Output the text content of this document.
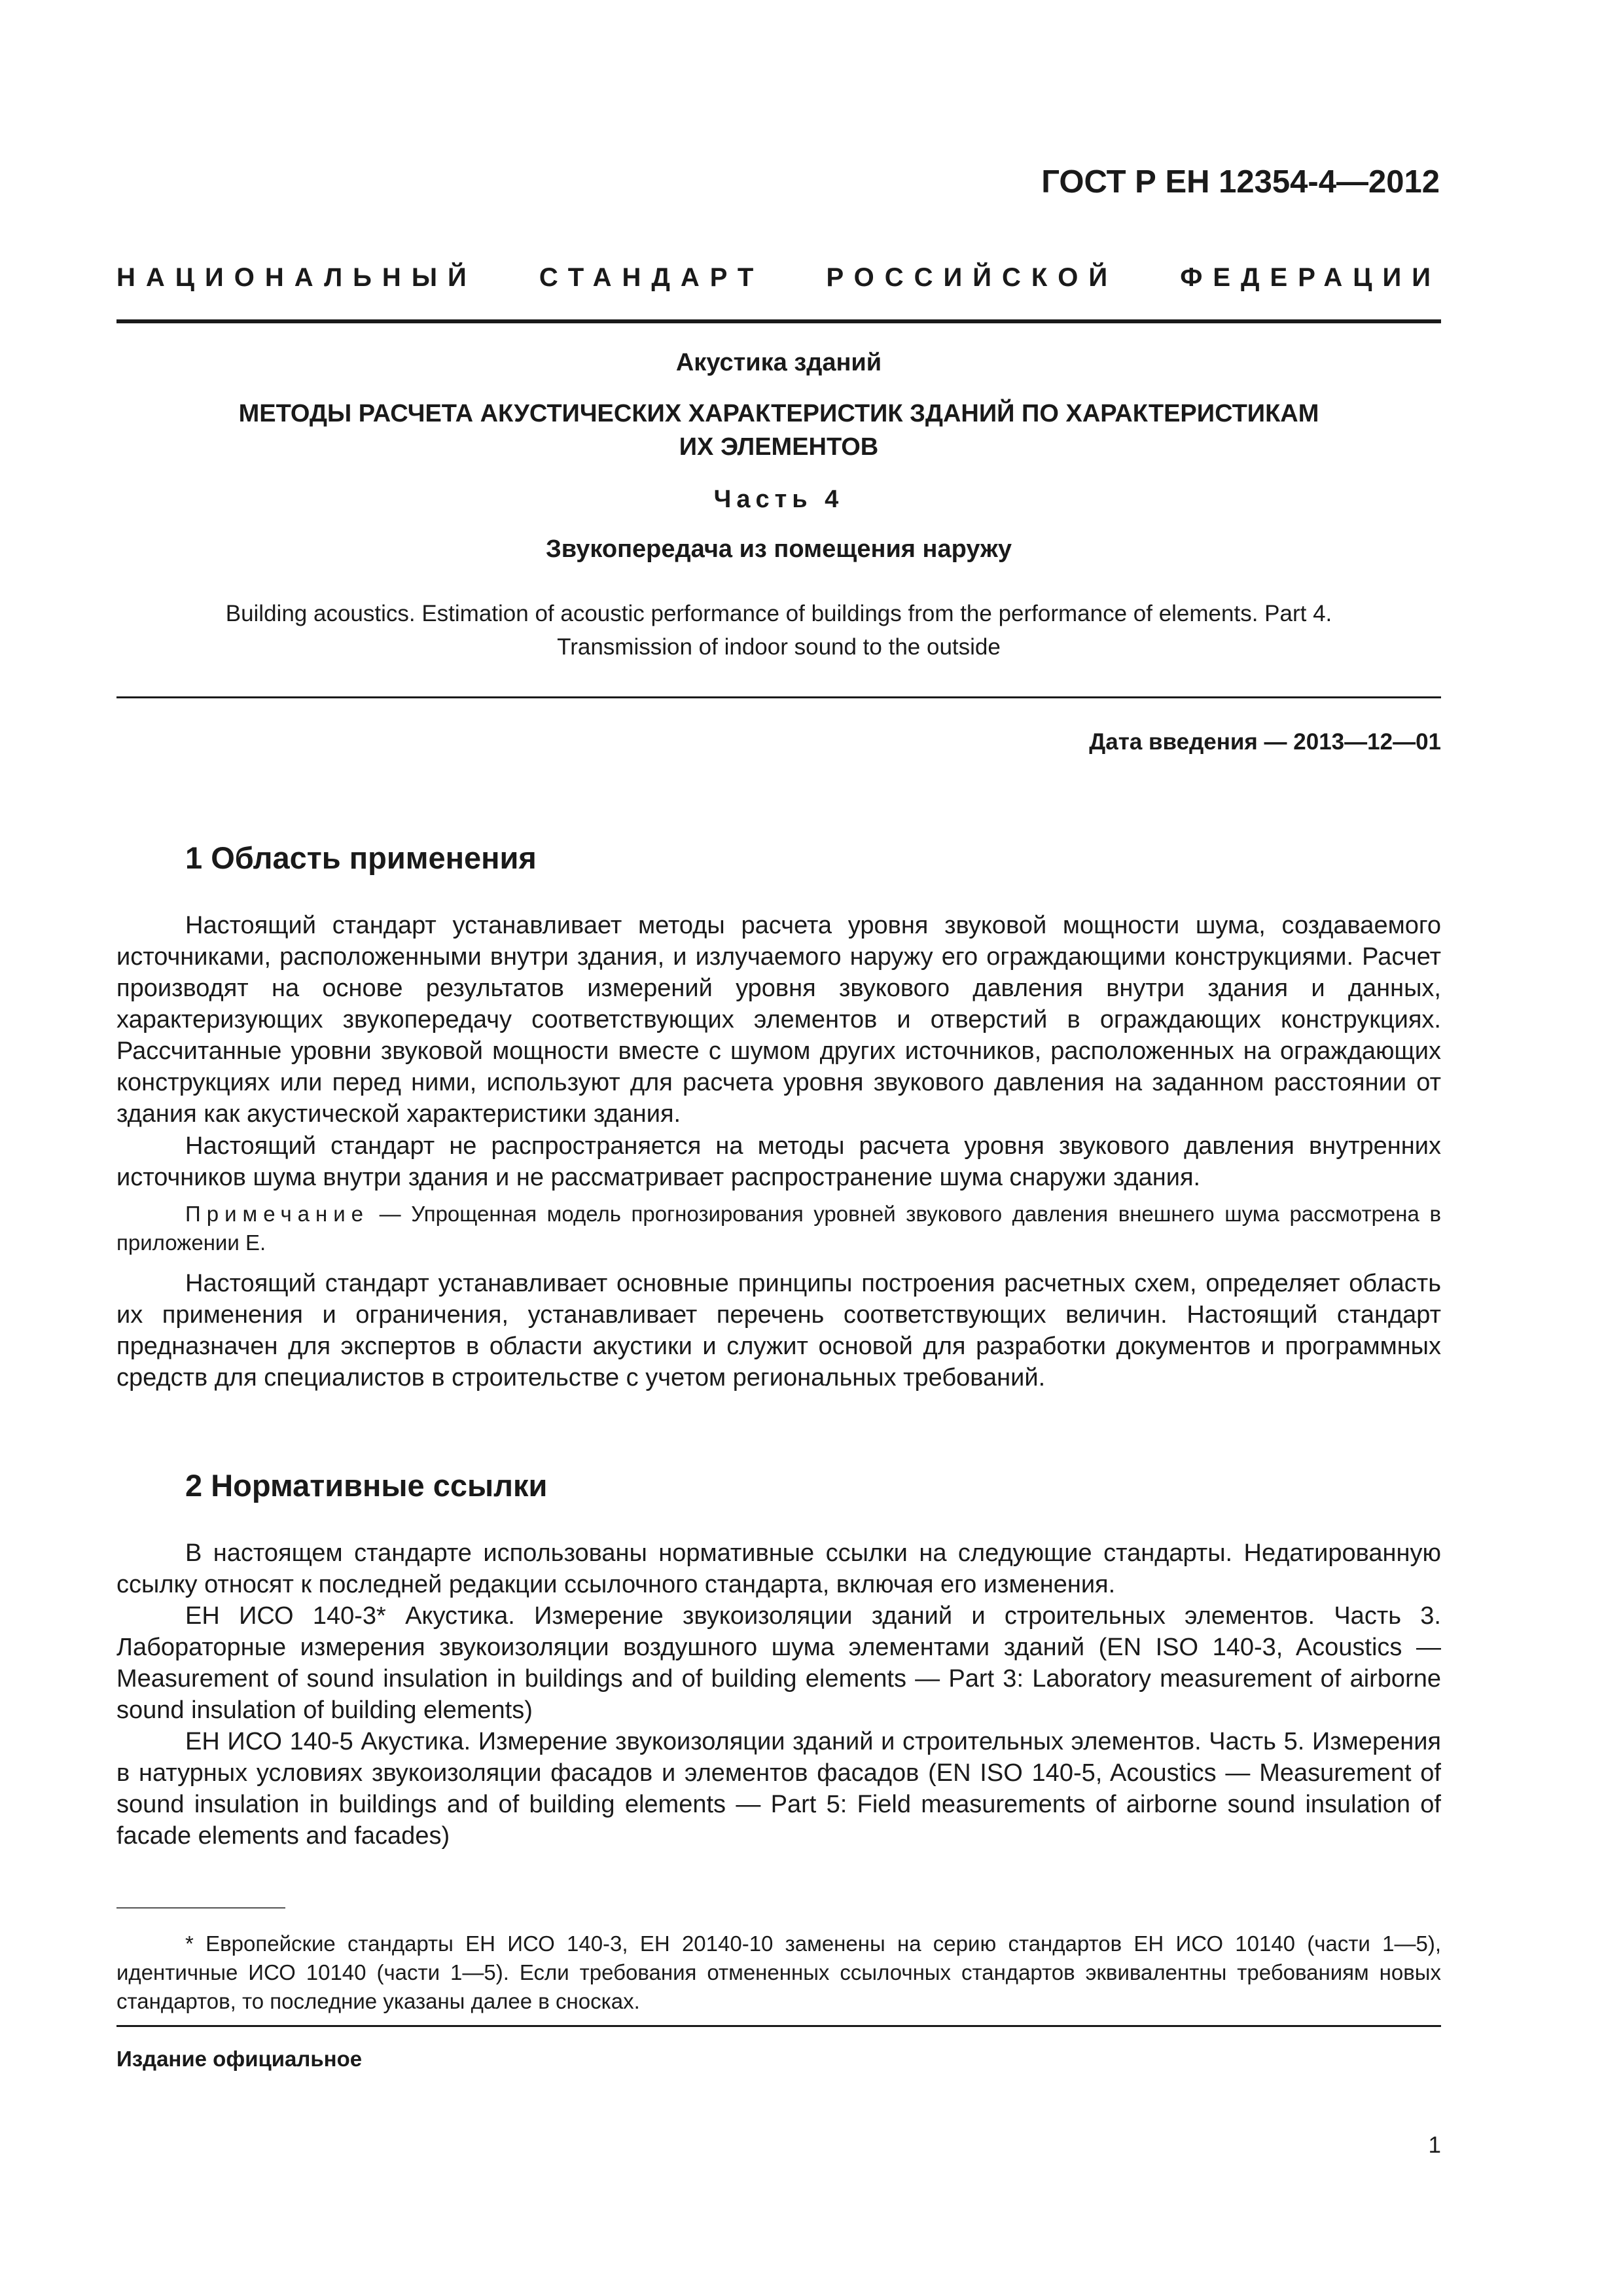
ГОСТ Р ЕН 12354-4—2012
НАЦИОНАЛЬНЫЙ СТАНДАРТ РОССИЙСКОЙ ФЕДЕРАЦИИ
Акустика зданий
МЕТОДЫ РАСЧЕТА АКУСТИЧЕСКИХ ХАРАКТЕРИСТИК ЗДАНИЙ ПО ХАРАКТЕРИСТИКАМ
ИХ ЭЛЕМЕНТОВ
Часть 4
Звукопередача из помещения наружу
Building acoustics. Estimation of acoustic performance of buildings from the performance of elements. Part 4.
Transmission of indoor sound to the outside
Дата введения — 2013—12—01
1 Область применения
Настоящий стандарт устанавливает методы расчета уровня звуковой мощности шума, создаваемого источниками, расположенными внутри здания, и излучаемого наружу его ограждающими конструкциями. Расчет производят на основе результатов измерений уровня звукового давления внутри здания и данных, характеризующих звукопередачу соответствующих элементов и отверстий в ограждающих конструкциях. Рассчитанные уровни звуковой мощности вместе с шумом других источников, расположенных на ограждающих конструкциях или перед ними, используют для расчета уровня звукового давления на заданном расстоянии от здания как акустической характеристики здания.
Настоящий стандарт не распространяется на методы расчета уровня звукового давления внутренних источников шума внутри здания и не рассматривает распространение шума снаружи здания.
Примечание — Упрощенная модель прогнозирования уровней звукового давления внешнего шума рассмотрена в приложении Е.
Настоящий стандарт устанавливает основные принципы построения расчетных схем, определяет область их применения и ограничения, устанавливает перечень соответствующих величин. Настоящий стандарт предназначен для экспертов в области акустики и служит основой для разработки документов и программных средств для специалистов в строительстве с учетом региональных требований.
2 Нормативные ссылки
В настоящем стандарте использованы нормативные ссылки на следующие стандарты. Недатированную ссылку относят к последней редакции ссылочного стандарта, включая его изменения.
ЕН ИСО 140-3* Акустика. Измерение звукоизоляции зданий и строительных элементов. Часть 3. Лабораторные измерения звукоизоляции воздушного шума элементами зданий (EN ISO 140-3, Acoustics — Measurement of sound insulation in buildings and of building elements — Part 3: Laboratory measurement of airborne sound insulation of building elements)
ЕН ИСО 140-5 Акустика. Измерение звукоизоляции зданий и строительных элементов. Часть 5. Измерения в натурных условиях звукоизоляции фасадов и элементов фасадов (EN ISO 140-5, Acoustics — Measurement of sound insulation in buildings and of building elements — Part 5: Field measurements of airborne sound insulation of facade elements and facades)
* Европейские стандарты ЕН ИСО 140-3, ЕН 20140-10 заменены на серию стандартов ЕН ИСО 10140 (части 1—5), идентичные ИСО 10140 (части 1—5). Если требования отмененных ссылочных стандартов эквивалентны требованиям новых стандартов, то последние указаны далее в сносках.
Издание официальное
1
